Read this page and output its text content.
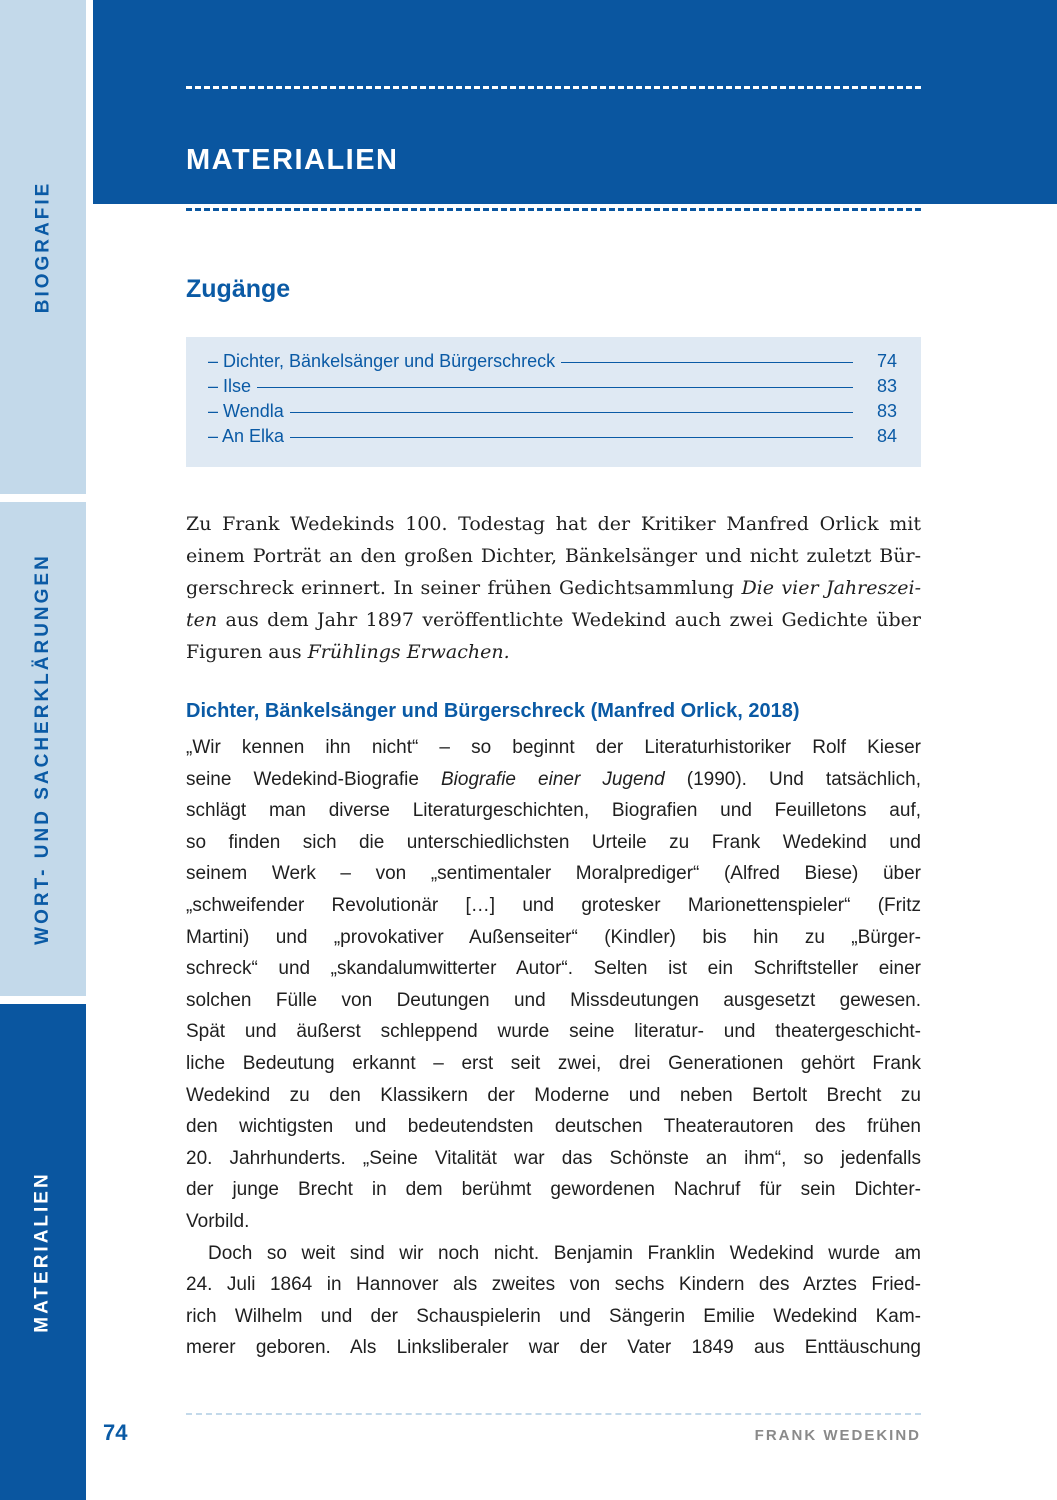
BIOGRAFIE
WORT- UND SACHERKLÄRUNGEN
MATERIALIEN
MATERIALIEN
Zugänge
– Dichter, Bänkelsänger und Bürgerschreck	74
– Ilse	83
– Wendla	83
– An Elka	84
Zu Frank Wedekinds 100. Todestag hat der Kritiker Manfred Orlick mit
einem Porträt an den großen Dichter, Bänkelsänger und nicht zuletzt Bür-
gerschreck erinnert. In seiner frühen Gedichtsammlung Die vier Jahreszei-
ten aus dem Jahr 1897 veröffentlichte Wedekind auch zwei Gedichte über
Figuren aus Frühlings Erwachen.
Dichter, Bänkelsänger und Bürgerschreck (Manfred Orlick, 2018)
„Wir kennen ihn nicht“ – so beginnt der Literaturhistoriker Rolf Kieser
seine Wedekind-Biografie Biografie einer Jugend (1990). Und tatsächlich,
schlägt man diverse Literaturgeschichten, Biografien und Feuilletons auf,
so finden sich die unterschiedlichsten Urteile zu Frank Wedekind und
seinem Werk – von „sentimentaler Moralprediger“ (Alfred Biese) über
„schweifender Revolutionär […] und grotesker Marionettenspieler“ (Fritz
Martini) und „provokativer Außenseiter“ (Kindler) bis hin zu „Bürger-
schreck“ und „skandalumwitterter Autor“. Selten ist ein Schriftsteller einer
solchen Fülle von Deutungen und Missdeutungen ausgesetzt gewesen.
Spät und äußerst schleppend wurde seine literatur- und theatergeschicht-
liche Bedeutung erkannt – erst seit zwei, drei Generationen gehört Frank
Wedekind zu den Klassikern der Moderne und neben Bertolt Brecht zu
den wichtigsten und bedeutendsten deutschen Theaterautoren des frühen
20. Jahrhunderts. „Seine Vitalität war das Schönste an ihm“, so jedenfalls
der junge Brecht in dem berühmt gewordenen Nachruf für sein Dichter-
Vorbild.
Doch so weit sind wir noch nicht. Benjamin Franklin Wedekind wurde am
24. Juli 1864 in Hannover als zweites von sechs Kindern des Arztes Fried-
rich Wilhelm und der Schauspielerin und Sängerin Emilie Wedekind Kam-
merer geboren. Als Linksliberaler war der Vater 1849 aus Enttäuschung
74	FRANK WEDEKIND
